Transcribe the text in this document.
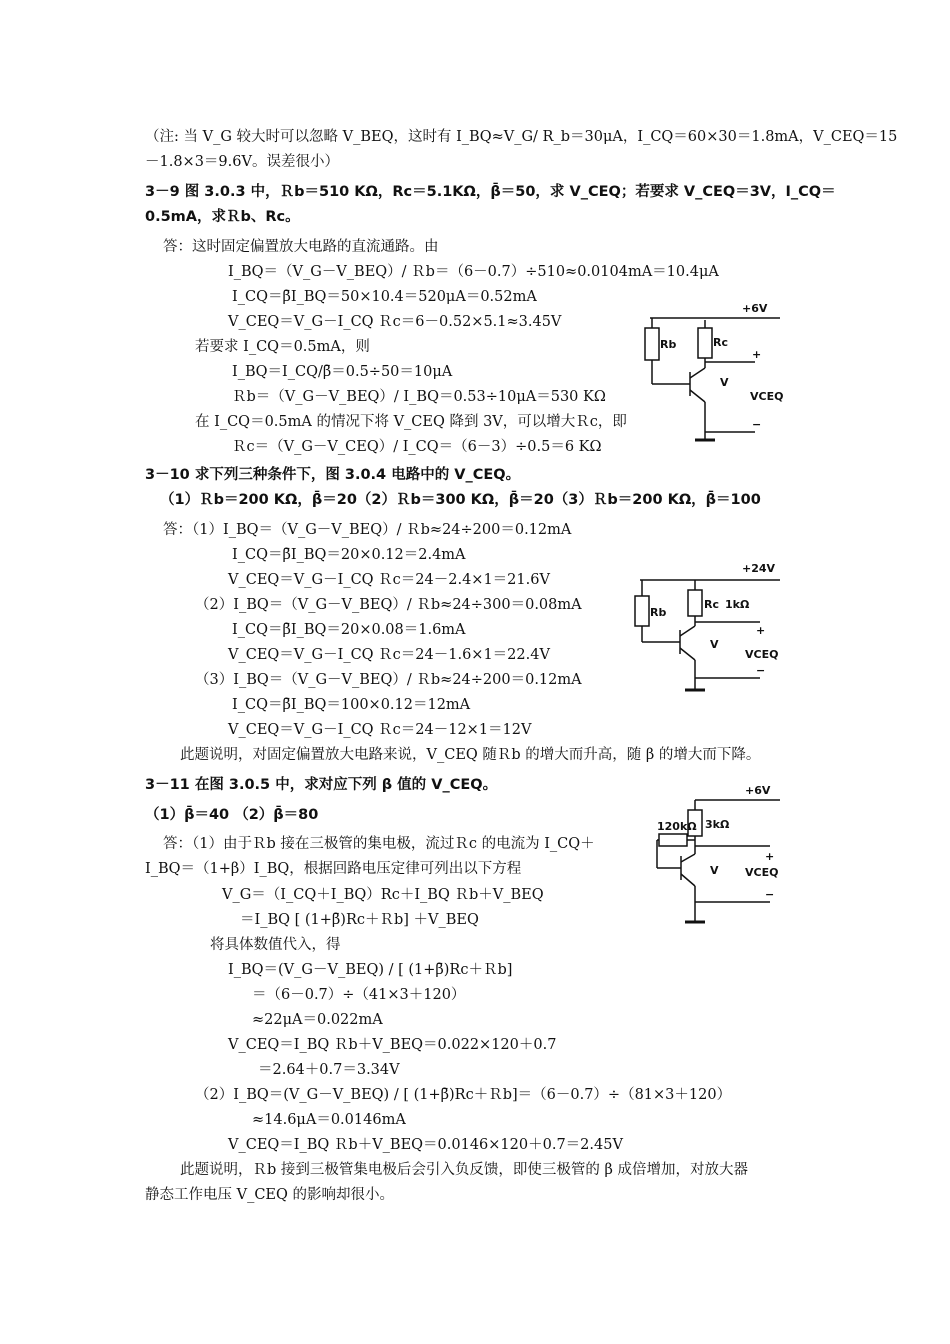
（注: 当 V_G 较大时可以忽略 V_BEQ，这时有 I_BQ≈V_G/ R_b＝30μA，I_CQ＝60×30＝1.8mA，V_CEQ＝15
－1.8×3＝9.6V。误差很小）
3－9 图 3.0.3 中，Ｒb＝510 KΩ，Rc＝5.1KΩ，β̄＝50，求 V_CEQ；若要求 V_CEQ＝3V，I_CQ＝
0.5mA，求Ｒb、Rc。
答：这时固定偏置放大电路的直流通路。由
I_BQ＝（V_G－V_BEQ）/ Ｒb＝（6－0.7）÷510≈0.0104mA＝10.4μA
I_CQ＝β̄I_BQ＝50×10.4＝520μA＝0.52mA
V_CEQ＝V_G－I_CQ Ｒc＝6－0.52×5.1≈3.45V
若要求 I_CQ＝0.5mA，则
I_BQ＝I_CQ/β̄＝0.5÷50＝10μA
Ｒb＝（V_G－V_BEQ）/ I_BQ＝0.53÷10μA＝530 KΩ
在 I_CQ＝0.5mA 的情况下将 V_CEQ 降到 3V，可以增大Ｒc，即
Ｒc＝（V_G－V_CEQ）/ I_CQ＝（6－3）÷0.5＝6 KΩ
3－10 求下列三种条件下，图 3.0.4 电路中的 V_CEQ。
（1）Ｒb＝200 KΩ，β̄＝20（2）Ｒb＝300 KΩ，β̄＝20（3）Ｒb＝200 KΩ，β̄＝100
答：（1）I_BQ＝（V_G－V_BEQ）/ Ｒb≈24÷200＝0.12mA
I_CQ＝β̄I_BQ＝20×0.12＝2.4mA
V_CEQ＝V_G－I_CQ Ｒc＝24－2.4×1＝21.6V
（2）I_BQ＝（V_G－V_BEQ）/ Ｒb≈24÷300＝0.08mA
I_CQ＝β̄I_BQ＝20×0.08＝1.6mA
V_CEQ＝V_G－I_CQ Ｒc＝24－1.6×1＝22.4V
（3）I_BQ＝（V_G－V_BEQ）/ Ｒb≈24÷200＝0.12mA
I_CQ＝β̄I_BQ＝100×0.12＝12mA
V_CEQ＝V_G－I_CQ Ｒc＝24－12×1＝12V
此题说明，对固定偏置放大电路来说，V_CEQ 随Ｒb 的增大而升高，随 β 的增大而下降。
3－11 在图 3.0.5 中，求对应下列 β 值的 V_CEQ。
（1）β̄＝40 （2）β̄＝80
答：（1）由于Ｒb 接在三极管的集电极，流过Ｒc 的电流为 I_CQ＋
I_BQ＝（1+β）I_BQ，根据回路电压定律可列出以下方程
V_G＝（I_CQ＋I_BQ）Rc＋I_BQ Ｒb＋V_BEQ
＝I_BQ [ (1+β̄)Rc＋Ｒb] ＋V_BEQ
将具体数值代入，得
I_BQ＝(V_G－V_BEQ) / [ (1+β̄)Rc＋Ｒb]
＝（6－0.7）÷（41×3＋120）
≈22μA＝0.022mA
V_CEQ＝I_BQ Ｒb＋V_BEQ＝0.022×120＋0.7
＝2.64＋0.7＝3.34V
（2）I_BQ＝(V_G－V_BEQ) / [ (1+β̄)Rc＋Ｒb]＝（6－0.7）÷（81×3＋120）
≈14.6μA＝0.0146mA
V_CEQ＝I_BQ Ｒb＋V_BEQ＝0.0146×120＋0.7＝2.45V
此题说明，Ｒb 接到三极管集电极后会引入负反馈，即使三极管的 β 成倍增加，对放大器
静态工作电压 V_CEQ 的影响却很小。
+6V
Rb	Rc
+
V
VCEQ
−
+24V
Rb
Rc 1kΩ
+
V
VCEQ
−
+6V
3kΩ
120kΩ
+
V VCEQ
−
